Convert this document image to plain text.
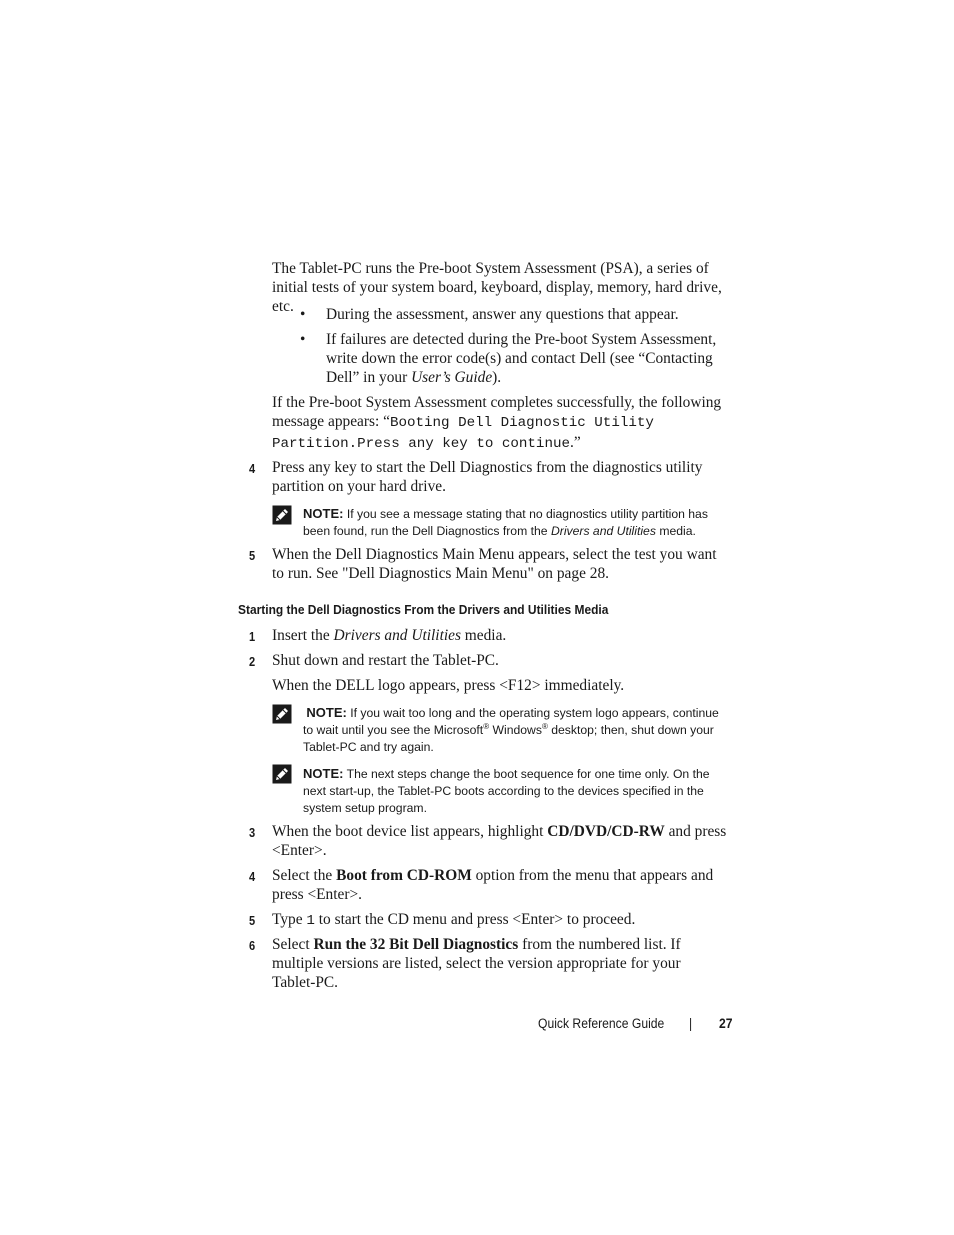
The Tablet-PC runs the Pre-boot System Assessment (PSA), a series of
initial tests of your system board, keyboard, display, memory, hard drive, etc. • During the assessment, answer any questions that appear.
• If failures are detected during the Pre-boot System Assessment,
write down the error code(s) and contact Dell (see “Contacting
Dell” in your User’s Guide).
If the Pre-boot System Assessment completes successfully, the following
message appears: “Booting Dell Diagnostic Utility
Partition.Press any key to continue.”
4 Press any key to start the Dell Diagnostics from the diagnostics utility
partition on your hard drive.
NOTE: If you see a message stating that no diagnostics utility partition has
been found, run the Dell Diagnostics from the Drivers and Utilities media.
5 When the Dell Diagnostics Main Menu appears, select the test you want
to run. See "Dell Diagnostics Main Menu" on page 28.
Starting the Dell Diagnostics From the Drivers and Utilities Media
1 Insert the Drivers and Utilities media.
2 Shut down and restart the Tablet-PC.
When the DELL logo appears, press <F12> immediately.
NOTE: If you wait too long and the operating system logo appears, continue
to wait until you see the Microsoft® Windows® desktop; then, shut down your
Tablet-PC and try again.
NOTE: The next steps change the boot sequence for one time only. On the
next start-up, the Tablet-PC boots according to the devices specified in the
system setup program.
3 When the boot device list appears, highlight CD/DVD/CD-RW and press
<Enter>.
4 Select the Boot from CD-ROM option from the menu that appears and
press <Enter>.
5 Type 1 to start the CD menu and press <Enter> to proceed.
6 Select Run the 32 Bit Dell Diagnostics from the numbered list. If
multiple versions are listed, select the version appropriate for your
Tablet-PC.
Quick Reference Guide | 27
